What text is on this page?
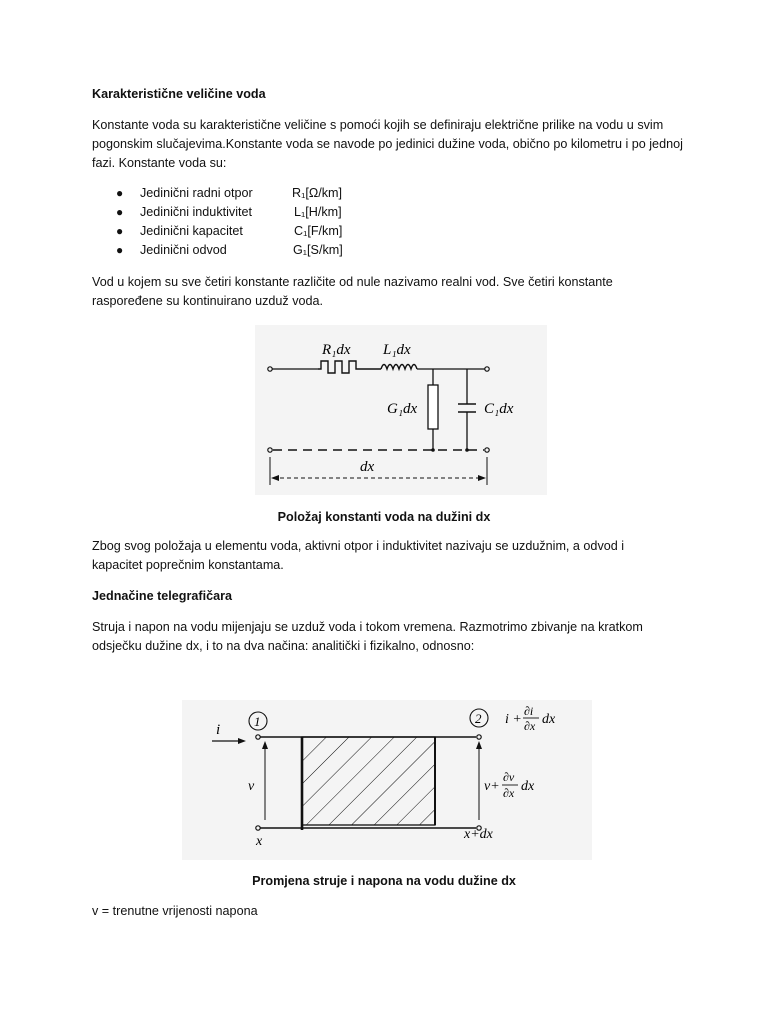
Karakteristične veličine voda
Konstante voda su karakteristične veličine s pomoći kojih se definiraju električne prilike na vodu u svim pogonskim slučajevima.Konstante voda se navode po jedinici dužine voda, obično po kilometru i po jednoj fazi. Konstante voda su:
● Jedinični radni otpor	R₁[Ω/km]
● Jedinični induktivitet	L₁[H/km]
● Jedinični kapacitet	C₁[F/km]
● Jedinični odvod	G₁[S/km]
Vod u kojem su sve četiri konstante različite od nule nazivamo realni vod. Sve četiri konstante raspoređene su kontinuirano uzduž voda.
R₁dx L₁dx
G₁dx	C₁dx
dx
Položaj konstanti voda na dužini dx
Zbog svog položaja u elementu voda, aktivni otpor i induktivitet nazivaju se uzdužnim, a odvod i kapacitet poprečnim konstantama.
Jednačine telegrafičara
Struja i napon na vodu mijenjaju se uzduž voda i tokom vremena. Razmotrimo zbivanje na kratkom odsječku dužine dx, i to na dva načina: analitički i fizikalno, odnosno:
1	2
i
i +
∂i
∂x dx
v	v+
∂v
∂x dx
x	x+dx
Promjena struje i napona na vodu dužine dx
v = trenutne vrijenosti napona
